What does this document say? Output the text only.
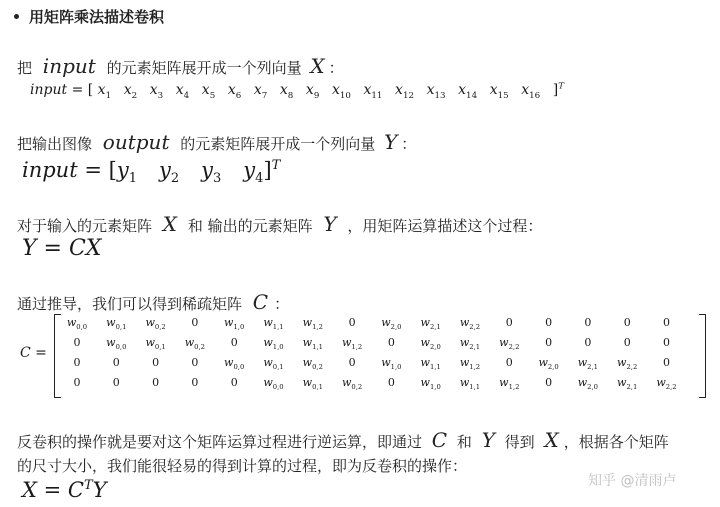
用矩阵乘法描述卷积
把 input 的元素矩阵展开成一个列向量 X ：
input = [ $x_1$ $x_2$ $x_3$ $x_4$ $x_5$ $x_6$ $x_7$ $x_8$ $x_9$ $x_{10}$ $x_{11}$ $x_{12}$ $x_{13}$ $x_{14}$ $x_{15}$ $x_{16}$ ]$^T$
把输出图像 output 的元素矩阵展开成一个列向量 Y ：
input = [$y_1$ $y_2$ $y_3$ $y_4]^T$
对于输入的元素矩阵 X 和 输出的元素矩阵 Y ，用矩阵运算描述这个过程：
Y = CX
通过推导，我们可以得到稀疏矩阵 C ：
C =
$w_{0,0}$	$w_{0,1}$	$w_{0,2}$	0	$w_{1,0}$	$w_{1,1}$	$w_{1,2}$	0	$w_{2,0}$	$w_{2,1}$	$w_{2,2}$	0	0	0	0	0
0	$w_{0,0}$	$w_{0,1}$	$w_{0,2}$	0	$w_{1,0}$	$w_{1,1}$	$w_{1,2}$	0	$w_{2,0}$	$w_{2,1}$	$w_{2,2}$	0	0	0	0
0	0	0	0	$w_{0,0}$	$w_{0,1}$	$w_{0,2}$	0	$w_{1,0}$	$w_{1,1}$	$w_{1,2}$	0	$w_{2,0}$	$w_{2,1}$	$w_{2,2}$	0
0	0	0	0	0	$w_{0,0}$	$w_{0,1}$	$w_{0,2}$	0	$w_{1,0}$	$w_{1,1}$	$w_{1,2}$	0	$w_{2,0}$	$w_{2,1}$	$w_{2,2}$
反卷积的操作就是要对这个矩阵运算过程进行逆运算，即通过 C 和 Y 得到 X ，根据各个矩阵
的尺寸大小，我们能很轻易的得到计算的过程，即为反卷积的操作：
$X = C^TY$	知乎 @清雨卢
